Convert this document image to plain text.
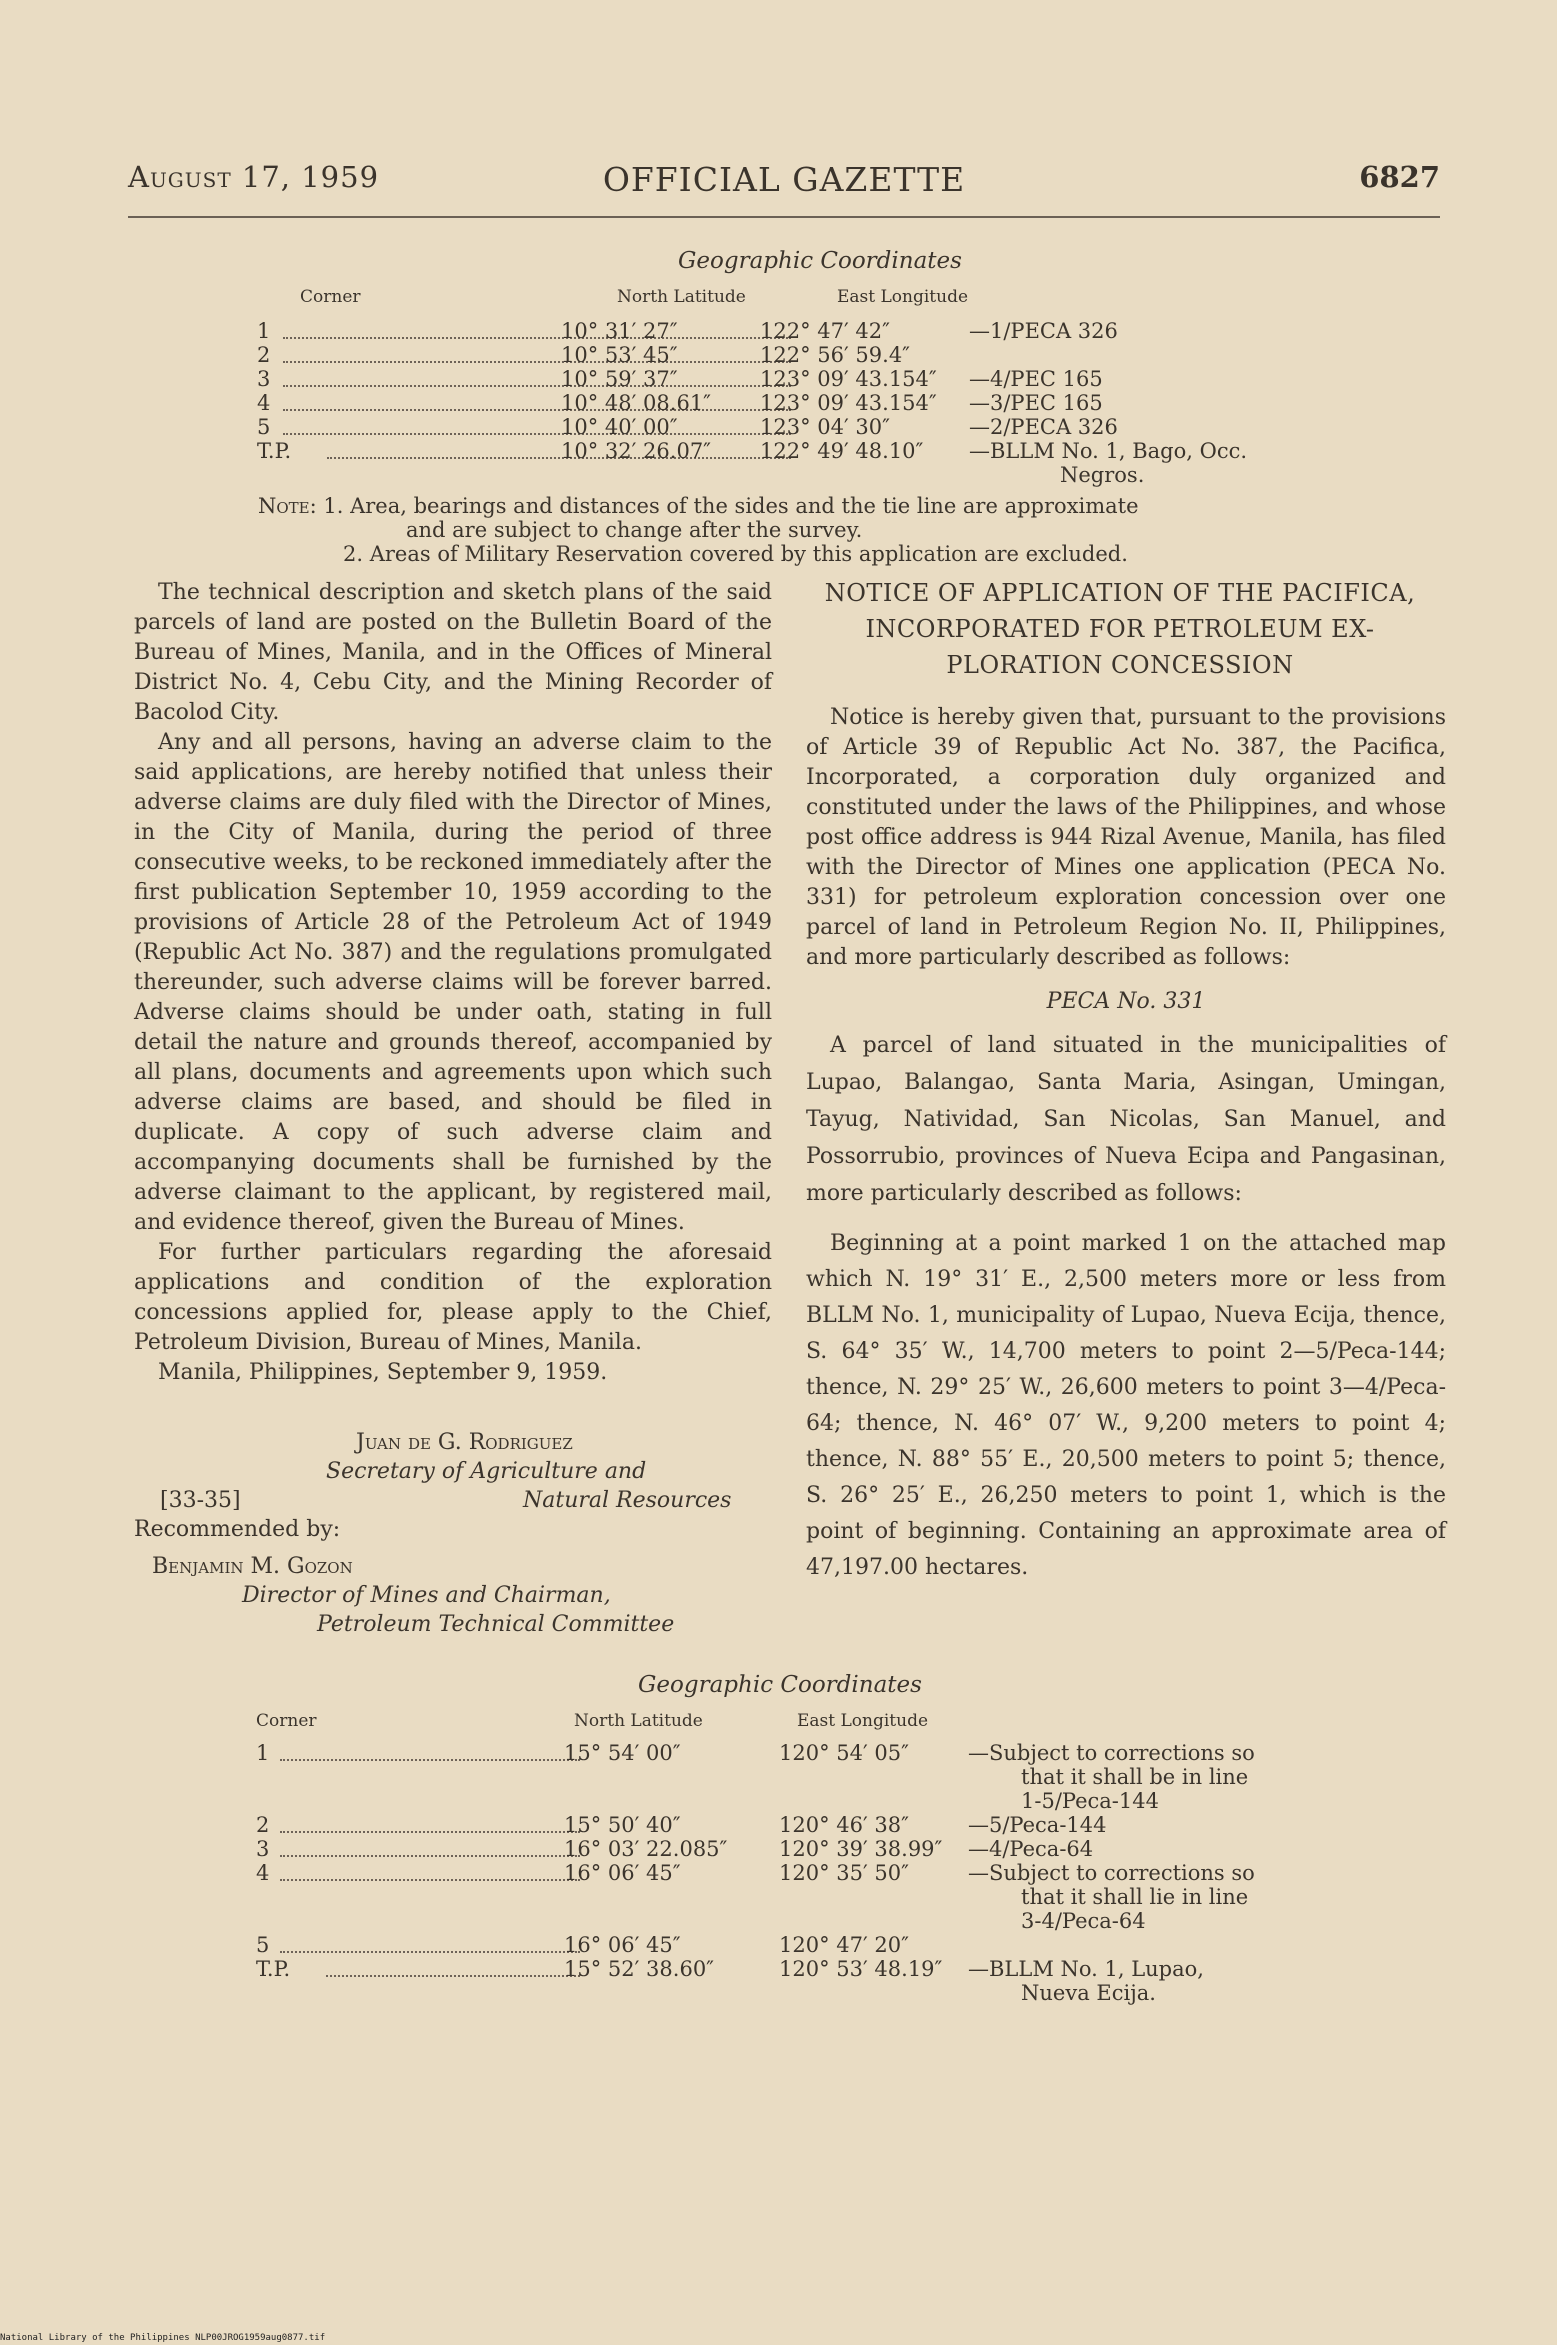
August 17, 1959	OFFICIAL GAZETTE	6827
Geographic Coordinates
Corner	North Latitude	East Longitude
1	10° 31′ 27″	122° 47′ 42″	—1/PECA 326
2	10° 53′ 45″	122° 56′ 59.4″
3	10° 59′ 37″	123° 09′ 43.154″ —4/PEC 165
4	10° 48′ 08.61″ 123° 09′ 43.154″ —3/PEC 165
5	10° 40′ 00″	123° 04′ 30″	—2/PECA 326
T.P.	10° 32′ 26.07″ 122° 49′ 48.10″ —BLLM No. 1, Bago, Occ.
Negros.
Note: 1. Area, bearings and distances of the sides and the tie line are approximate
and are subject to change after the survey.
2. Areas of Military Reservation covered by this application are excluded.

The technical description and sketch plans of the said parcels of land are posted on the Bulletin Board of the Bureau of Mines, Manila, and in the Offices of Mineral District No. 4, Cebu City, and the Mining Recorder of Bacolod City.

Any and all persons, having an adverse claim to the said applications, are hereby notified that unless their adverse claims are duly filed with the Director of Mines, in the City of Manila, during the period of three consecutive weeks, to be reckoned immediately after the first publication September 10, 1959 according to the provisions of Article 28 of the Petroleum Act of 1949 (Republic Act No. 387) and the regulations promulgated thereunder, such adverse claims will be forever barred. Adverse claims should be under oath, stating in full detail the nature and grounds thereof, accompanied by all plans, documents and agreements upon which such adverse claims are based, and should be filed in duplicate. A copy of such adverse claim and accompanying documents shall be furnished by the adverse claimant to the applicant, by registered mail, and evidence thereof, given the Bureau of Mines.

For further particulars regarding the aforesaid applications and condition of the exploration concessions applied for, please apply to the Chief, Petroleum Division, Bureau of Mines, Manila.

Manila, Philippines, September 9, 1959.

Juan de G. Rodriguez
Secretary of Agriculture and
[33-35]	Natural Resources
Recommended by:
Benjamin M. Gozon
Director of Mines and Chairman,
Petroleum Technical Committee
NOTICE OF APPLICATION OF THE PACIFICA,
INCORPORATED FOR PETROLEUM EX-
PLORATION CONCESSION

Notice is hereby given that, pursuant to the provisions of Article 39 of Republic Act No. 387, the Pacifica, Incorporated, a corporation duly organized and constituted under the laws of the Philippines, and whose post office address is 944 Rizal Avenue, Manila, has filed with the Director of Mines one application (PECA No. 331) for petroleum exploration concession over one parcel of land in Petroleum Region No. II, Philippines, and more particularly described as follows:

PECA No. 331

A parcel of land situated in the municipalities of Lupao, Balangao, Santa Maria, Asingan, Umingan, Tayug, Natividad, San Nicolas, San Manuel, and Possorrubio, provinces of Nueva Ecipa and Pangasinan, more particularly described as follows:

Beginning at a point marked 1 on the attached map which N. 19° 31′ E., 2,500 meters more or less from BLLM No. 1, municipality of Lupao, Nueva Ecija, thence, S. 64° 35′ W., 14,700 meters to point 2—5/Peca-144; thence, N. 29° 25′ W., 26,600 meters to point 3—4/Peca-64; thence, N. 46° 07′ W., 9,200 meters to point 4; thence, N. 88° 55′ E., 20,500 meters to point 5; thence, S. 26° 25′ E., 26,250 meters to point 1, which is the point of beginning. Containing an approximate area of 47,197.00 hectares.

Geographic Coordinates
Corner	North Latitude	East Longitude
1	15° 54′ 00″	120° 54′ 05″	—Subject to corrections so
that it shall be in line
1-5/Peca-144
2	15° 50′ 40″	120° 46′ 38″	—5/Peca-144
3	16° 03′ 22.085″ 120° 39′ 38.99″ —4/Peca-64
4	16° 06′ 45″	120° 35′ 50″	—Subject to corrections so
that it shall lie in line
3-4/Peca-64
5	16° 06′ 45″	120° 47′ 20″
T.P.	15° 52′ 38.60″	120° 53′ 48.19″ —BLLM No. 1, Lupao,
Nueva Ecija.
National Library of the Philippines NLP00JROG1959aug0877.tif
